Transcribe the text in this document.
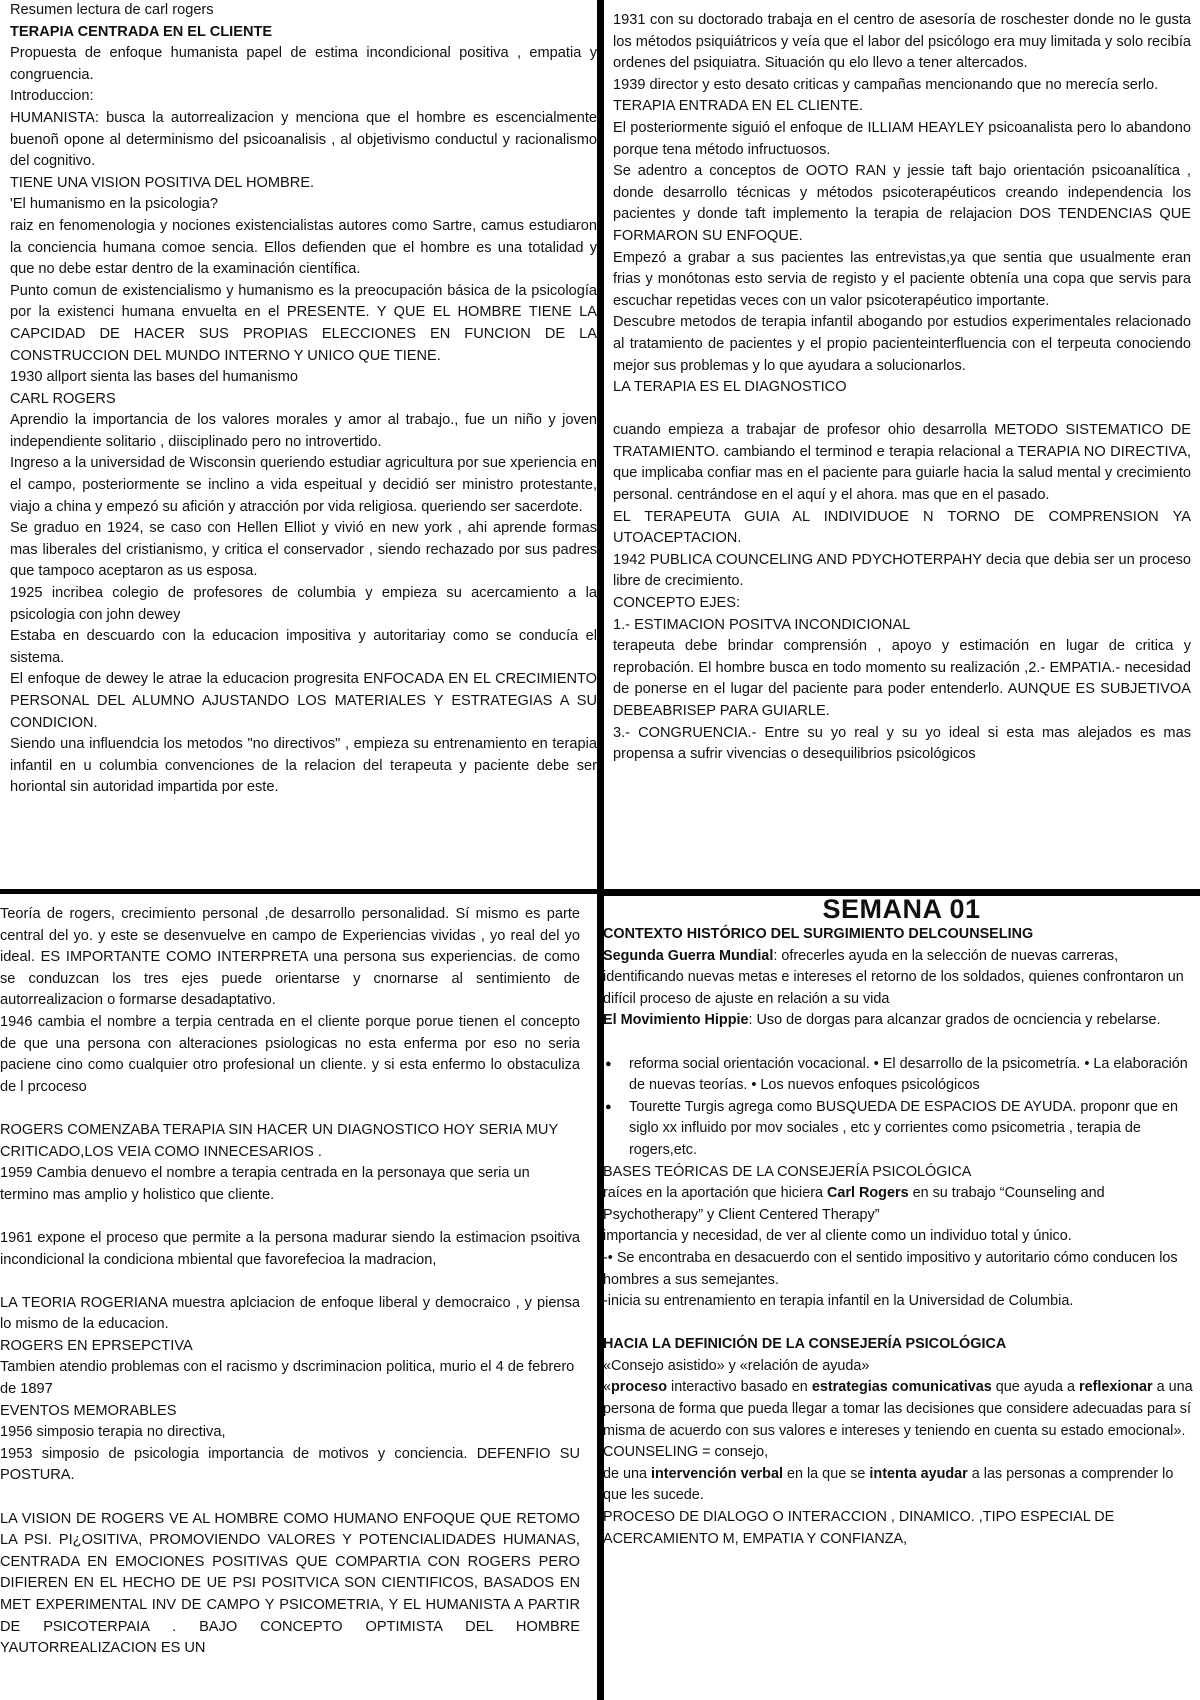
Resumen lectura de carl rogers

TERAPIA CENTRADA EN EL CLIENTE

Propuesta de enfoque humanista papel de estima incondicional positiva , empatia y congruencia.

Introduccion:

HUMANISTA: busca la autorrealizacion y menciona que el hombre es escencialmente buenoñ opone al determinismo del psicoanalisis , al objetivismo conductul y racionalismo del cognitivo.

TIENE UNA VISION POSITIVA DEL HOMBRE.

'El humanismo en la psicologia?

raiz en fenomenologia y nociones existencialistas autores como Sartre, camus estudiaron la conciencia humana comoe sencia. Ellos defienden que el hombre es una totalidad y que no debe estar dentro de la examinación científica.

Punto comun de existencialismo y humanismo es la preocupación básica de la psicología por la existenci humana envuelta en el PRESENTE. Y QUE EL HOMBRE TIENE LA CAPCIDAD DE HACER SUS PROPIAS ELECCIONES EN FUNCION DE LA CONSTRUCCION DEL MUNDO INTERNO Y UNICO QUE TIENE.

1930 allport sienta las bases del humanismo

CARL ROGERS

Aprendio la importancia de los valores morales y amor al trabajo., fue un niño y joven independiente solitario , diisciplinado pero no introvertido.

Ingreso a la universidad de Wisconsin queriendo estudiar agricultura por sue xperiencia en el campo, posteriormente se inclino a vida espeitual y decidió ser ministro protestante, viajo a china y empezó su afición y atracción por vida religiosa. queriendo ser sacerdote.

Se graduo en 1924, se caso con Hellen Elliot y vivió en new york , ahi aprende formas mas liberales del cristianismo, y critica el conservador , siendo rechazado por sus padres que tampoco aceptaron as us esposa.

1925 incribea colegio de profesores de columbia y empieza su acercamiento a la psicologia con john dewey

Estaba en descuardo con la educacion impositiva y autoritariay como se conducía el sistema.

El enfoque de dewey le atrae la educacion progresita ENFOCADA EN EL CRECIMIENTO PERSONAL DEL ALUMNO AJUSTANDO LOS MATERIALES Y ESTRATEGIAS A SU CONDICION.

Siendo una influendcia los metodos "no directivos" , empieza su entrenamiento en terapia infantil en u columbia convenciones de la relacion del terapeuta y paciente debe ser horiontal sin autoridad impartida por este.

1931 con su doctorado trabaja en el centro de asesoría de roschester donde no le gusta los métodos psiquiátricos y veía que el labor del psicólogo era muy limitada y solo recibía ordenes del psiquiatra. Situación qu elo llevo a tener altercados.

1939 director y esto desato criticas y campañas mencionando que no merecía serlo.

TERAPIA ENTRADA EN EL CLIENTE.

El posteriormente siguió el enfoque de ILLIAM HEAYLEY psicoanalista pero lo abandono porque tena método infructuosos.

Se adentro a conceptos de OOTO RAN y jessie taft bajo orientación psicoanalítica , donde desarrollo técnicas y métodos psicoterapéuticos creando independencia los pacientes y donde taft implemento la terapia de relajacion DOS TENDENCIAS QUE FORMARON SU ENFOQUE.

Empezó a grabar a sus pacientes las entrevistas,ya que sentia que usualmente eran frias y monótonas esto servia de registo y el paciente obtenía una copa que servis para escuchar repetidas veces con un valor psicoterapéutico importante.

Descubre metodos de terapia infantil abogando por estudios experimentales relacionado al tratamiento de pacientes y el propio pacienteinterfluencia con el terpeuta conociendo mejor sus problemas y lo que ayudara a solucionarlos.

LA TERAPIA ES EL DIAGNOSTICO

cuando empieza a trabajar de profesor ohio desarrolla METODO SISTEMATICO DE TRATAMIENTO. cambiando el terminod e terapia relacional a TERAPIA NO DIRECTIVA, que implicaba confiar mas en el paciente para guiarle hacia la salud mental y crecimiento personal. centrándose en el aquí y el ahora. mas que en el pasado.

EL TERAPEUTA GUIA AL INDIVIDUOE N TORNO DE COMPRENSION YA UTOACEPTACION.

1942 PUBLICA COUNCELING AND PDYCHOTERPAHY decia que debia ser un proceso libre de crecimiento.

CONCEPTO EJES:

1.- ESTIMACION POSITVA INCONDICIONAL

terapeuta debe brindar comprensión , apoyo y estimación en lugar de critica y reprobación. El hombre busca en todo momento su realización ,2.- EMPATIA.- necesidad de ponerse en el lugar del paciente para poder entenderlo. AUNQUE ES SUBJETIVOA DEBEABRISEP PARA GUIARLE.

3.- CONGRUENCIA.- Entre su yo real y su yo ideal si esta mas alejados es mas propensa a sufrir vivencias o desequilibrios psicológicos

Teoría de rogers, crecimiento personal ,de desarrollo personalidad. Sí mismo es parte central del yo. y este se desenvuelve en campo de Experiencias vividas , yo real del yo ideal. ES IMPORTANTE COMO INTERPRETA una persona sus experiencias. de como se conduzcan los tres ejes puede orientarse y cnornarse al sentimiento de autorrealizacion o formarse desadaptativo.

1946 cambia el nombre a terpia centrada en el cliente porque porue tienen el concepto de que una persona con alteraciones psiologicas no esta enferma por eso no seria paciene cino como cualquier otro profesional un cliente. y si esta enfermo lo obstaculiza de l prcoceso

ROGERS COMENZABA TERAPIA SIN HACER UN DIAGNOSTICO HOY SERIA MUY CRITICADO,LOS VEIA COMO INNECESARIOS .

1959 Cambia denuevo el nombre a terapia centrada en la personaya que seria un termino mas amplio y holistico que cliente.

1961 expone el proceso que permite a la persona madurar siendo la estimacion psoitiva incondicional la condiciona mbiental que favorefecioa la madracion,

LA TEORIA ROGERIANA muestra aplciacion de enfoque liberal y democraico , y piensa lo mismo de la educacion.

ROGERS EN EPRSEPCTIVA

Tambien atendio problemas con el racismo y dscriminacion politica, murio el 4 de febrero de 1897

EVENTOS MEMORABLES

1956 simposio terapia no directiva,

1953 simposio de psicologia importancia de motivos y conciencia. DEFENFIO SU POSTURA.

LA VISION DE ROGERS VE AL HOMBRE COMO HUMANO ENFOQUE QUE RETOMO LA PSI. PI¿OSITIVA, PROMOVIENDO VALORES Y POTENCIALIDADES HUMANAS, CENTRADA EN EMOCIONES POSITIVAS QUE COMPARTIA CON ROGERS PERO DIFIEREN EN EL HECHO DE UE PSI POSITVICA SON CIENTIFICOS, BASADOS EN MET EXPERIMENTAL INV DE CAMPO Y PSICOMETRIA, Y EL HUMANISTA A PARTIR DE PSICOTERPAIA . BAJO CONCEPTO OPTIMISTA DEL HOMBRE YAUTORREALIZACION ES UN

SEMANA 01

CONTEXTO HISTÓRICO DEL SURGIMIENTO DELCOUNSELING

Segunda Guerra Mundial: ofrecerles ayuda en la selección de nuevas carreras, identificando nuevas metas e intereses el retorno de los soldados, quienes confrontaron un difícil proceso de ajuste en relación a su vida

El Movimiento Hippie: Uso de dorgas para alcanzar grados de ocnciencia y rebelarse.

● reforma social orientación vocacional. • El desarrollo de la psicometría. • La elaboración de nuevas teorías. • Los nuevos enfoques psicológicos
● Tourette Turgis agrega como BUSQUEDA DE ESPACIOS DE AYUDA. proponr que en siglo xx influido por mov sociales , etc y corrientes como psicometria , terapia de rogers,etc.

BASES TEÓRICAS DE LA CONSEJERÍA PSICOLÓGICA

raíces en la aportación que hiciera Carl Rogers en su trabajo “Counseling and Psychotherapy” y Client Centered Therapy”

importancia y necesidad, de ver al cliente como un individuo total y único.

-• Se encontraba en desacuerdo con el sentido impositivo y autoritario cómo conducen los hombres a sus semejantes.

-inicia su entrenamiento en terapia infantil en la Universidad de Columbia.

HACIA LA DEFINICIÓN DE LA CONSEJERÍA PSICOLÓGICA

«Consejo asistido» y «relación de ayuda»

«proceso interactivo basado en estrategias comunicativas que ayuda a reflexionar a una persona de forma que pueda llegar a tomar las decisiones que considere adecuadas para sí misma de acuerdo con sus valores e intereses y teniendo en cuenta su estado emocional».

COUNSELING = consejo,

de una intervención verbal en la que se intenta ayudar a las personas a comprender lo que les sucede.

PROCESO DE DIALOGO O INTERACCION , DINAMICO. ,TIPO ESPECIAL DE ACERCAMIENTO M, EMPATIA Y CONFIANZA,
